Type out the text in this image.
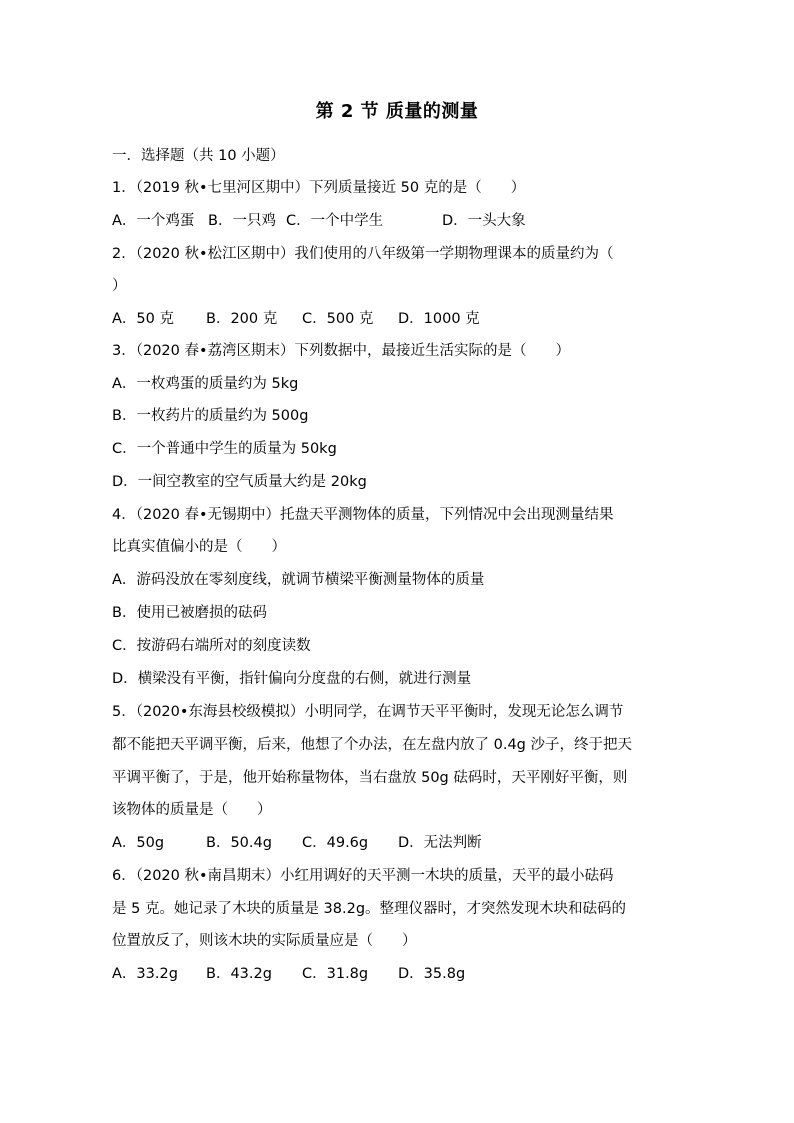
第 2 节 质量的测量
一．选择题（共 10 小题）
1．（2019 秋•七里河区期中）下列质量接近 50 克的是（　　）
A．一个鸡蛋 B．一只鸡 C．一个中学生	D．一头大象
2．（2020 秋•松江区期中）我们使用的八年级第一学期物理课本的质量约为（
）
A．50 克	B．200 克	C．500 克	D．1000 克
3．（2020 春•荔湾区期末）下列数据中，最接近生活实际的是（　　）
A．一枚鸡蛋的质量约为 5kg
B．一枚药片的质量约为 500g
C．一个普通中学生的质量为 50kg
D．一间空教室的空气质量大约是 20kg
4．（2020 春•无锡期中）托盘天平测物体的质量，下列情况中会出现测量结果
比真实值偏小的是（　　）
A．游码没放在零刻度线，就调节横梁平衡测量物体的质量
B．使用已被磨损的砝码
C．按游码右端所对的刻度读数
D．横梁没有平衡，指针偏向分度盘的右侧，就进行测量
5．（2020•东海县校级模拟）小明同学，在调节天平平衡时，发现无论怎么调节
都不能把天平调平衡，后来，他想了个办法，在左盘内放了 0.4g 沙子，终于把天
平调平衡了，于是，他开始称量物体，当右盘放 50g 砝码时，天平刚好平衡，则
该物体的质量是（　　）
A．50g	B．50.4g	C．49.6g	D．无法判断
6．（2020 秋•南昌期末）小红用调好的天平测一木块的质量，天平的最小砝码
是 5 克。她记录了木块的质量是 38.2g。整理仪器时，才突然发现木块和砝码的
位置放反了，则该木块的实际质量应是（　　）
A．33.2g	B．43.2g	C．31.8g	D．35.8g
